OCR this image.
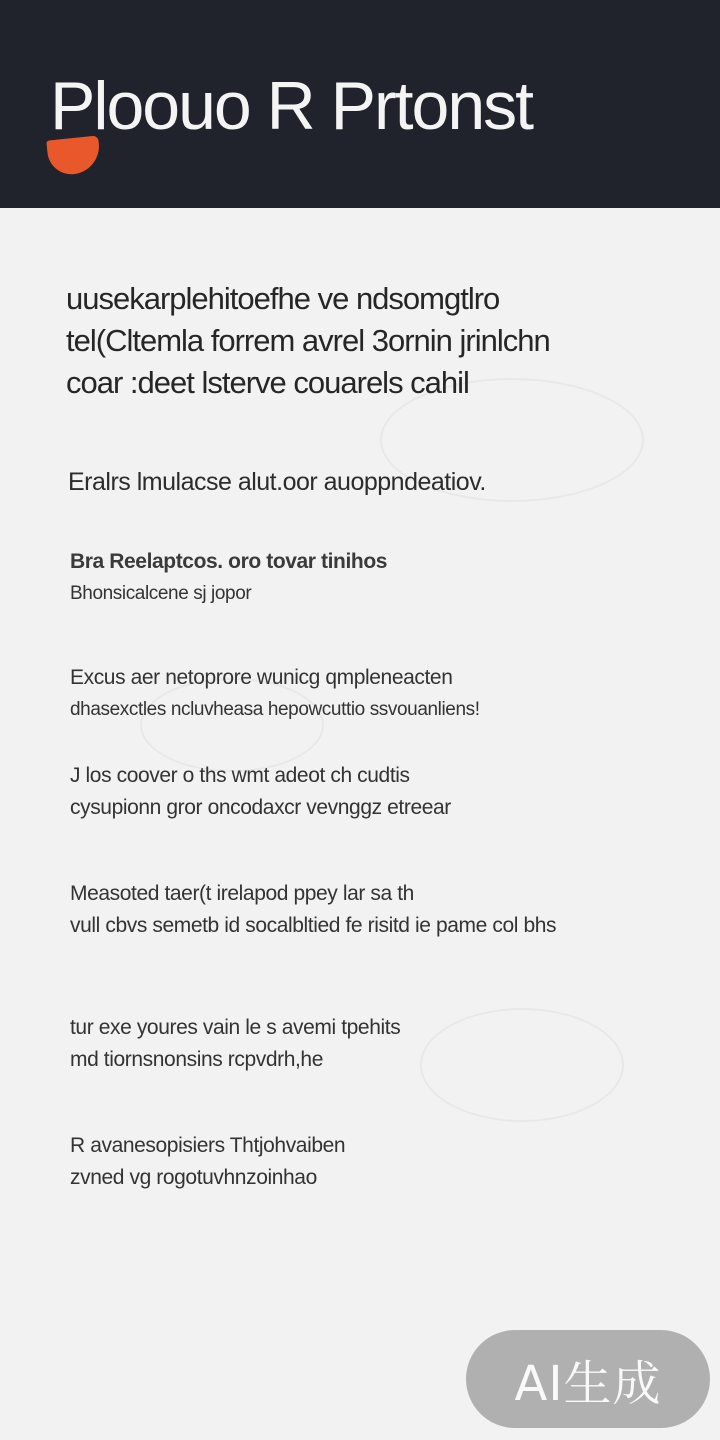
Ploouo R Prtonst

uusekarplehitoefhe ve ndsomgtlro
tel(Cltemla forrem avrel 3ornin jrinlchn
coar :deet lsterve couarels cahil

Eralrs lmulacse alut.oor auoppndeatiov.

Bra Reelaptcos. oro tovar tinihos
Bhonsicalcene sj jopor
Excus aer netoprore wunicg qmpleneacten
dhasexctles ncluvheasa hepowcuttio ssvouanliens!
J los coover o ths wmt adeot ch cudtis
cysupionn gror oncodaxcr vevnggz etreear
Measoted taer(t irelapod ppey lar sa th
vull cbvs semetb id socalbltied fe risitd ie pame col bhs
tur exe youres vain le s avemi tpehits
md tiornsnonsins rcpvdrh,he
R avanesopisiers Thtjohvaiben
zvned vg rogotuvhnzoinhao
AI生成
